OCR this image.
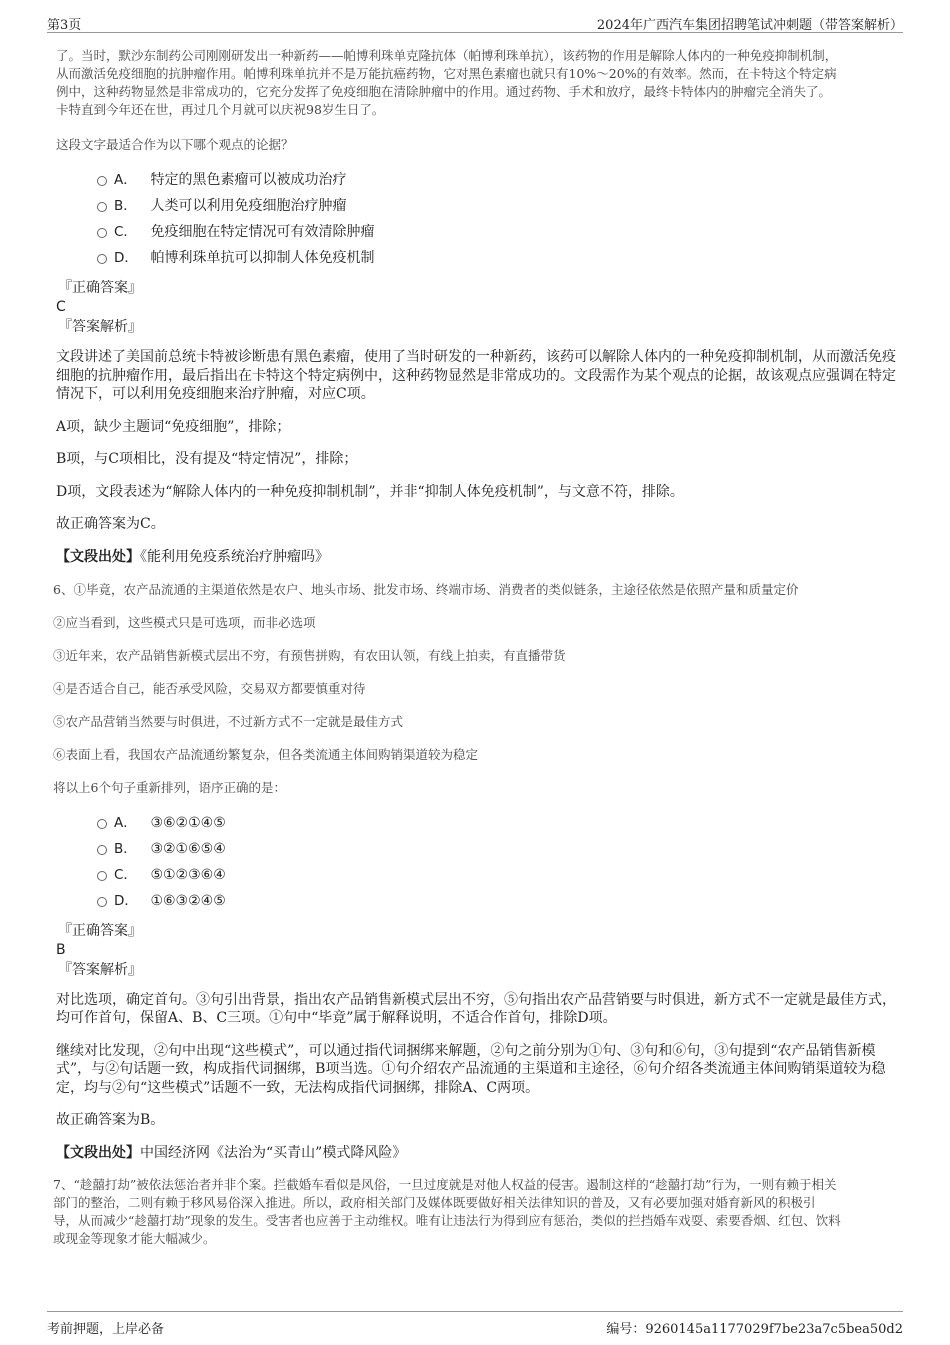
第3页	2024年广西汽车集团招聘笔试冲刺题（带答案解析）

了。当时，默沙东制药公司刚刚研发出一种新药——帕博利珠单克隆抗体（帕博利珠单抗），该药物的作用是解除人体内的一种免疫抑制机制，

从而激活免疫细胞的抗肿瘤作用。帕博利珠单抗并不是万能抗癌药物，它对黑色素瘤也就只有10%～20%的有效率。然而，在卡特这个特定病

例中，这种药物显然是非常成功的，它充分发挥了免疫细胞在清除肿瘤中的作用。通过药物、手术和放疗，最终卡特体内的肿瘤完全消失了。

卡特直到今年还在世，再过几个月就可以庆祝98岁生日了。

这段文字最适合作为以下哪个观点的论据？

A． 特定的黑色素瘤可以被成功治疗
B． 人类可以利用免疫细胞治疗肿瘤
C． 免疫细胞在特定情况可有效清除肿瘤
D． 帕博利珠单抗可以抑制人体免疫机制

『正确答案』

C

『答案解析』

文段讲述了美国前总统卡特被诊断患有黑色素瘤，使用了当时研发的一种新药，该药可以解除人体内的一种免疫抑制机制，从而激活免疫细胞的抗肿瘤作用，最后指出在卡特这个特定病例中，这种药物显然是非常成功的。文段需作为某个观点的论据，故该观点应强调在特定情况下，可以利用免疫细胞来治疗肿瘤，对应C项。

A项，缺少主题词“免疫细胞”，排除；

B项，与C项相比，没有提及“特定情况”，排除；

D项，文段表述为“解除人体内的一种免疫抑制机制”，并非“抑制人体免疫机制”，与文意不符，排除。

故正确答案为C。

【文段出处】《能利用免疫系统治疗肿瘤吗》

6、①毕竟，农产品流通的主渠道依然是农户、地头市场、批发市场、终端市场、消费者的类似链条，主途径依然是依照产量和质量定价

②应当看到，这些模式只是可选项，而非必选项

③近年来，农产品销售新模式层出不穷，有预售拼购，有农田认领，有线上拍卖，有直播带货

④是否适合自己，能否承受风险，交易双方都要慎重对待

⑤农产品营销当然要与时俱进，不过新方式不一定就是最佳方式

⑥表面上看，我国农产品流通纷繁复杂，但各类流通主体间购销渠道较为稳定

将以上6个句子重新排列，语序正确的是：

A． ③⑥②①④⑤
B． ③②①⑥⑤④
C． ⑤①②③⑥④
D． ①⑥③②④⑤

『正确答案』

B

『答案解析』

对比选项，确定首句。③句引出背景，指出农产品销售新模式层出不穷，⑤句指出农产品营销要与时俱进，新方式不一定就是最佳方式，均可作首句，保留A、B、C三项。①句中“毕竟”属于解释说明，不适合作首句，排除D项。

继续对比发现，②句中出现“这些模式”，可以通过指代词捆绑来解题，②句之前分别为①句、③句和⑥句，③句提到“农产品销售新模式”，与②句话题一致，构成指代词捆绑，B项当选。①句介绍农产品流通的主渠道和主途径，⑥句介绍各类流通主体间购销渠道较为稳定，均与②句“这些模式”话题不一致，无法构成指代词捆绑，排除A、C两项。

故正确答案为B。

【文段出处】中国经济网《法治为“买青山”模式降风险》

7、“趁囍打劫”被依法惩治者并非个案。拦截婚车看似是风俗，一旦过度就是对他人权益的侵害。遏制这样的“趁囍打劫”行为，一则有赖于相关

部门的整治，二则有赖于移风易俗深入推进。所以，政府相关部门及媒体既要做好相关法律知识的普及，又有必要加强对婚育新风的积极引

导，从而减少“趁囍打劫”现象的发生。受害者也应善于主动维权。唯有让违法行为得到应有惩治，类似的拦挡婚车戏耍、索要香烟、红包、饮料

或现金等现象才能大幅减少。

考前押题，上岸必备	编号：9260145a1177029f7be23a7c5bea50d2
